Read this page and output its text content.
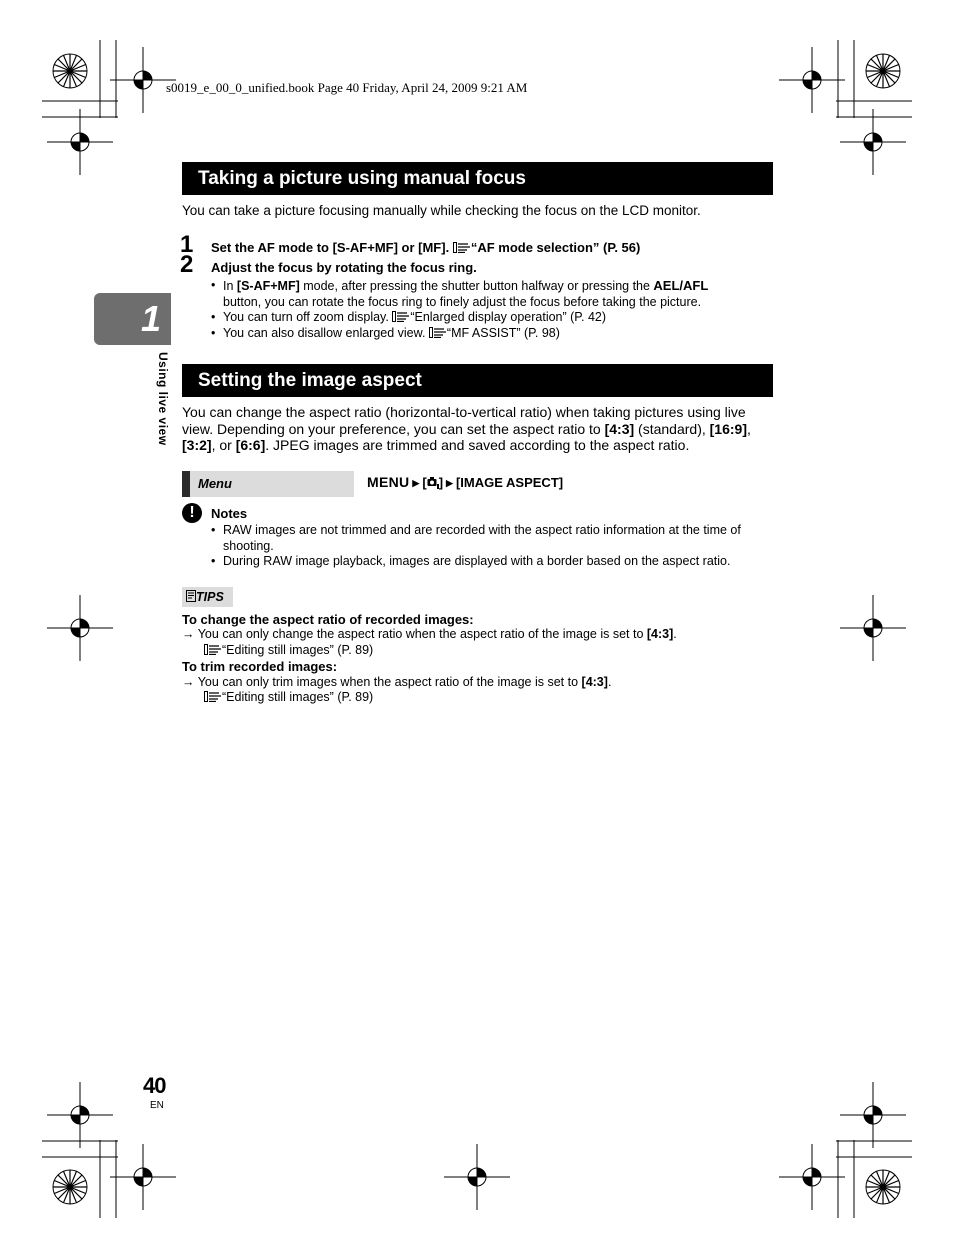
s0019_e_00_0_unified.book Page 40 Friday, April 24, 2009 9:21 AM
1
Using live view
Taking a picture using manual focus
You can take a picture focusing manually while checking the focus on the LCD monitor.
1 Set the AF mode to [S-AF+MF] or [MF]. “AF mode selection” (P. 56)
2 Adjust the focus by rotating the focus ring.
• In [S-AF+MF] mode, after pressing the shutter button halfway or pressing the AEL/AFL
button, you can rotate the focus ring to finely adjust the focus before taking the picture.
• You can turn off zoom display. “Enlarged display operation” (P. 42)
• You can also disallow enlarged view. “MF ASSIST” (P. 98)
Setting the image aspect
You can change the aspect ratio (horizontal-to-vertical ratio) when taking pictures using live
view. Depending on your preference, you can set the aspect ratio to [4:3] (standard), [16:9],
[3:2], or [6:6]. JPEG images are trimmed and saved according to the aspect ratio.
Menu	MENU ▶ [ ] ▶ [IMAGE ASPECT]
!	Notes
• RAW images are not trimmed and are recorded with the aspect ratio information at the time of
shooting.
• During RAW image playback, images are displayed with a border based on the aspect ratio.
TIPS
To change the aspect ratio of recorded images:
→ You can only change the aspect ratio when the aspect ratio of the image is set to [4:3].
“Editing still images” (P. 89)
To trim recorded images:
→ You can only trim images when the aspect ratio of the image is set to [4:3].
“Editing still images” (P. 89)
40
EN
